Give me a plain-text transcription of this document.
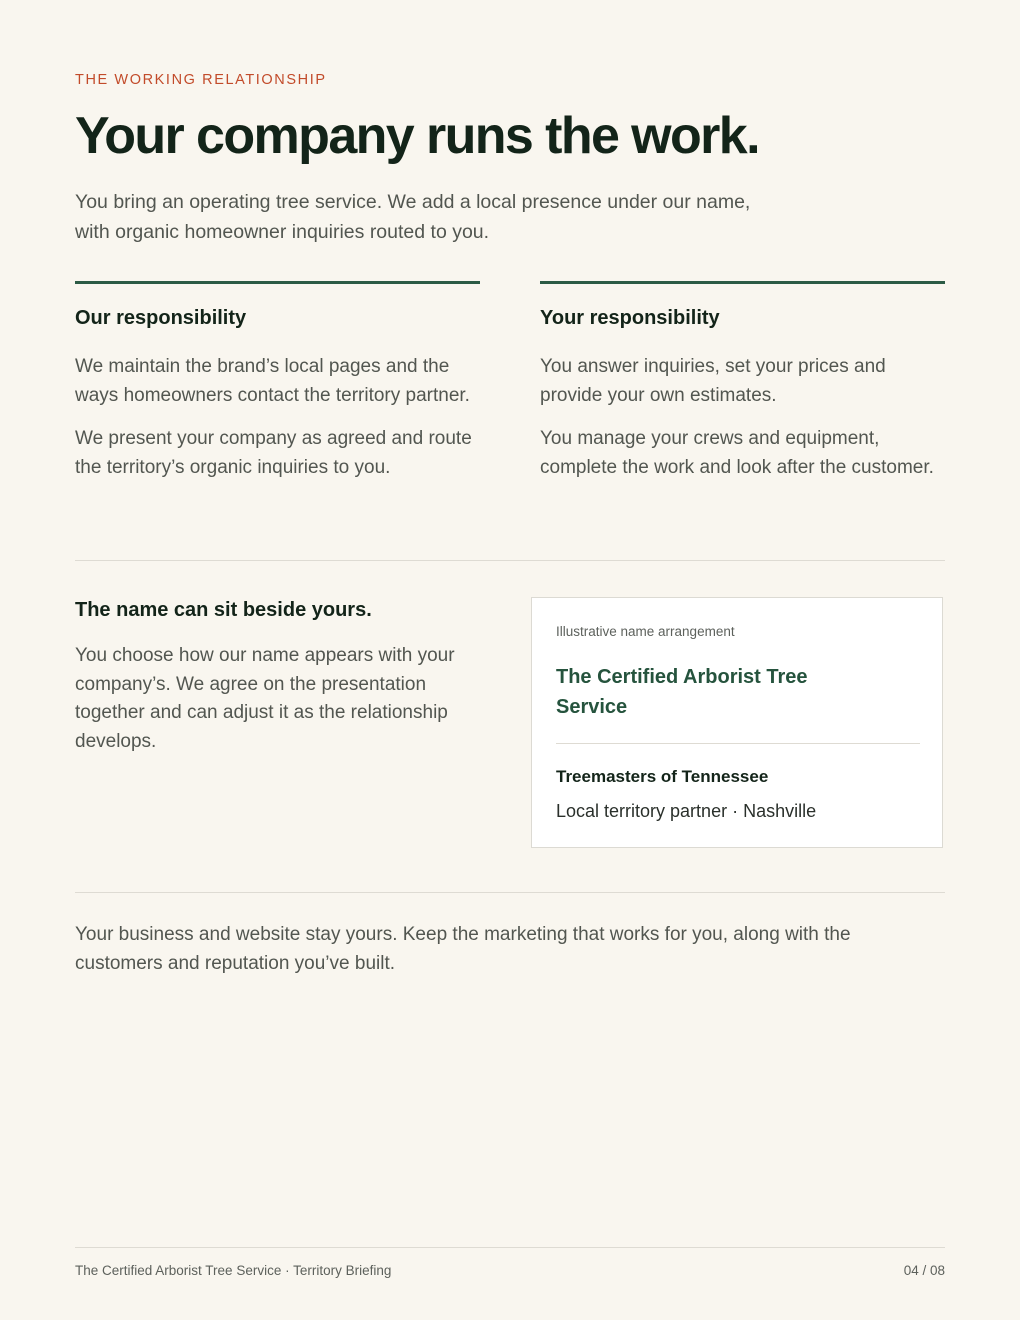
THE WORKING RELATIONSHIP
Your company runs the work.

You bring an operating tree service. We add a local presence under our name, with organic homeowner inquiries routed to you.

Our responsibility

We maintain the brand’s local pages and the ways homeowners contact the territory partner.

We present your company as agreed and route the territory’s organic inquiries to you.

Your responsibility

You answer inquiries, set your prices and provide your own estimates.

You manage your crews and equipment, complete the work and look after the customer.

The name can sit beside yours.

You choose how our name appears with your company’s. We agree on the presentation together and can adjust it as the relationship develops.

Illustrative name arrangement
The Certified Arborist Tree Service
Treemasters of Tennessee
Local territory partner · Nashville

Your business and website stay yours. Keep the marketing that works for you, along with the customers and reputation you’ve built.

The Certified Arborist Tree Service · Territory Briefing	04 / 08
